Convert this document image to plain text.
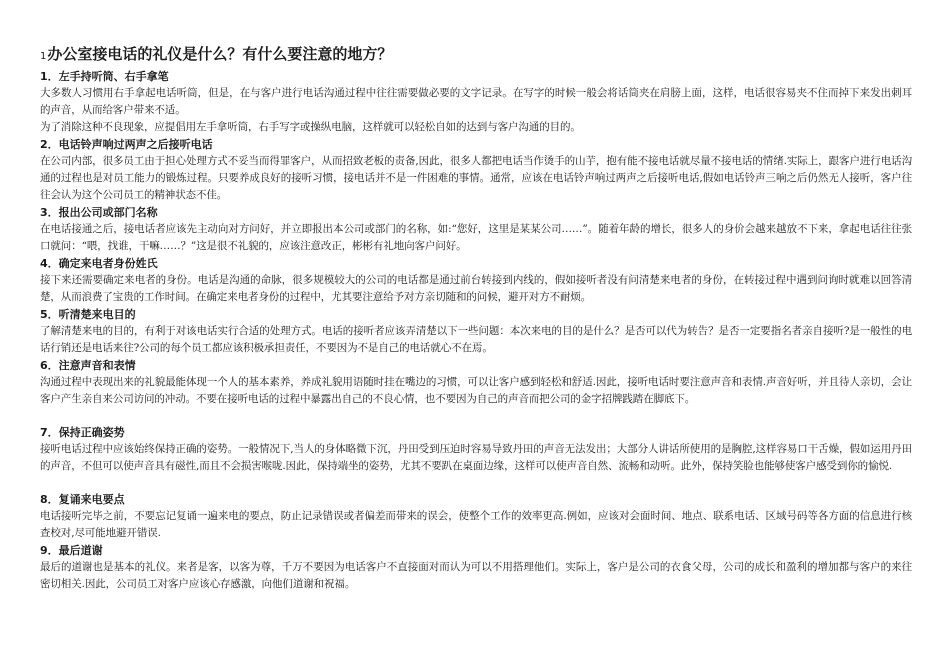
1办公室接电话的礼仪是什么？有什么要注意的地方？
1．左手持听筒、右手拿笔

大多数人习惯用右手拿起电话听筒，但是，在与客户进行电话沟通过程中往往需要做必要的文字记录。在写字的时候一般会将话筒夹在肩膀上面，这样，电话很容易夹不住而掉下来发出刺耳的声音，从而给客户带来不适。

为了消除这种不良现象，应提倡用左手拿听筒，右手写字或操纵电脑，这样就可以轻松自如的达到与客户沟通的目的。

2．电话铃声响过两声之后接听电话

在公司内部，很多员工由于担心处理方式不妥当而得罪客户，从而招致老板的责备,因此，很多人都把电话当作烫手的山芋，抱有能不接电话就尽量不接电话的情绪.实际上，跟客户进行电话沟通的过程也是对员工能力的锻炼过程。只要养成良好的接听习惯，接电话并不是一件困难的事情。通常，应该在电话铃声响过两声之后接听电话,假如电话铃声三响之后仍然无人接听，客户往往会认为这个公司员工的精神状态不佳。

3．报出公司或部门名称

在电话接通之后，接电话者应该先主动向对方问好，并立即报出本公司或部门的名称，如:“您好，这里是某某公司……”。随着年龄的增长，很多人的身价会越来越放不下来，拿起电话往往张口就问：“喂，找谁，干嘛……？”这是很不礼貌的，应该注意改正，彬彬有礼地向客户问好。

4．确定来电者身份姓氏

接下来还需要确定来电者的身份。电话是沟通的命脉，很多规模较大的公司的电话都是通过前台转接到内线的，假如接听者没有问清楚来电者的身份，在转接过程中遇到问询时就难以回答清楚，从而浪费了宝贵的工作时间。在确定来电者身份的过程中，尤其要注意给予对方亲切随和的问候，避开对方不耐烦。

5．听清楚来电目的

了解清楚来电的目的，有利于对该电话实行合适的处理方式。电话的接听者应该弄清楚以下一些问题：本次来电的目的是什么？是否可以代为转告？是否一定要指名者亲自接听?是一般性的电话行销还是电话来往?公司的每个员工都应该积极承担责任，不要因为不是自己的电话就心不在焉。

6．注意声音和表情

沟通过程中表现出来的礼貌最能体现一个人的基本素养，养成礼貌用语随时挂在嘴边的习惯，可以让客户感到轻松和舒适.因此，接听电话时要注意声音和表情.声音好听，并且待人亲切，会让客户产生亲自来公司访问的冲动。不要在接听电话的过程中暴露出自己的不良心情，也不要因为自己的声音而把公司的金字招牌践踏在脚底下。

7．保持正确姿势

接听电话过程中应该始终保持正确的姿势。一般情况下,当人的身体略微下沉，丹田受到压迫时容易导致丹田的声音无法发出；大部分人讲话所使用的是胸腔,这样容易口干舌燥，假如运用丹田的声音，不但可以使声音具有磁性,而且不会损害喉咙.因此，保持端坐的姿势，尤其不要趴在桌面边缘，这样可以使声音自然、流畅和动听。此外，保持笑脸也能够使客户感受到你的愉悦.

8．复诵来电要点

电话接听完毕之前，不要忘记复诵一遍来电的要点，防止记录错误或者偏差而带来的误会，使整个工作的效率更高.例如，应该对会面时间、地点、联系电话、区域号码等各方面的信息进行核查校对,尽可能地避开错误.

9．最后道谢

最后的道谢也是基本的礼仪。来者是客，以客为尊，千万不要因为电话客户不直接面对而认为可以不用搭理他们。实际上，客户是公司的衣食父母，公司的成长和盈利的增加都与客户的来往密切相关.因此，公司员工对客户应该心存感激，向他们道谢和祝福。
